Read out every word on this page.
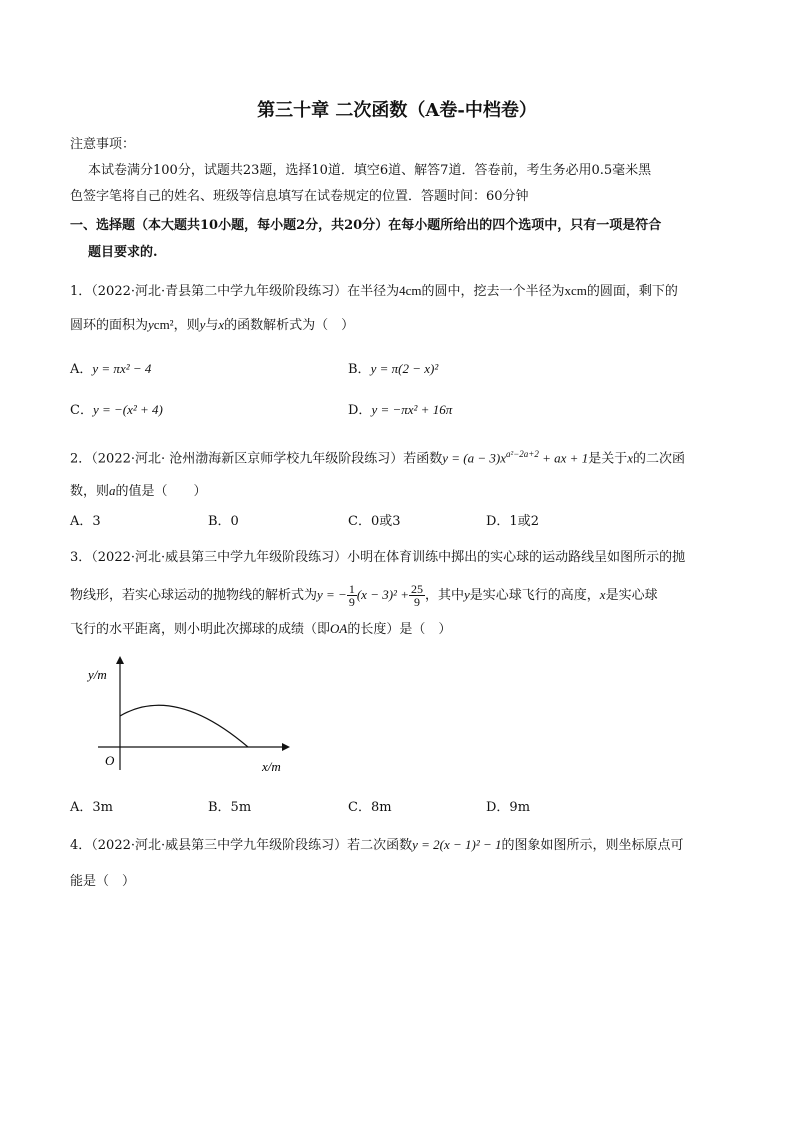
第三十章 二次函数（A卷-中档卷）
注意事项：
本试卷满分100分，试题共23题，选择10道．填空6道、解答7道．答卷前，考生务必用0.5毫米黑
色签字笔将自己的姓名、班级等信息填写在试卷规定的位置．答题时间：60分钟
一、选择题（本大题共10小题，每小题2分，共20分）在每小题所给出的四个选项中，只有一项是符合
题目要求的.
1．（2022·河北·青县第二中学九年级阶段练习）在半径为4cm的圆中，挖去一个半径为xcm的圆面，剩下的
圆环的面积为ycm²，则y与x的函数解析式为（　）
A．y = πx² − 4	B．y = π(2 − x)²
C．y = −(x² + 4)	D．y = −πx² + 16π
2．（2022·河北· 沧州渤海新区京师学校九年级阶段练习）若函数$y = (a - 3)x^{a^2-2a+2}$ + ax + 1是关于x的二次函
数，则a的值是（　　）
A．3	B．0	C．0或3	D．1或2
3．（2022·河北·威县第三中学九年级阶段练习）小明在体育训练中掷出的实心球的运动路线呈如图所示的抛
物线形，若实心球运动的抛物线的解析式为y = − $\frac{1}{9} (x - 3)^2 + \frac{25}{9}$ ，其中y是实心球飞行的高度，x是实心球
飞行的水平距离，则小明此次掷球的成绩（即OA的长度）是（　）
y/m
x/m
O
A．3m	B．5m	C．8m	D．9m
4．（2022·河北·威县第三中学九年级阶段练习）若二次函数y = 2(x − 1)² − 1的图象如图所示，则坐标原点可
能是（　）
